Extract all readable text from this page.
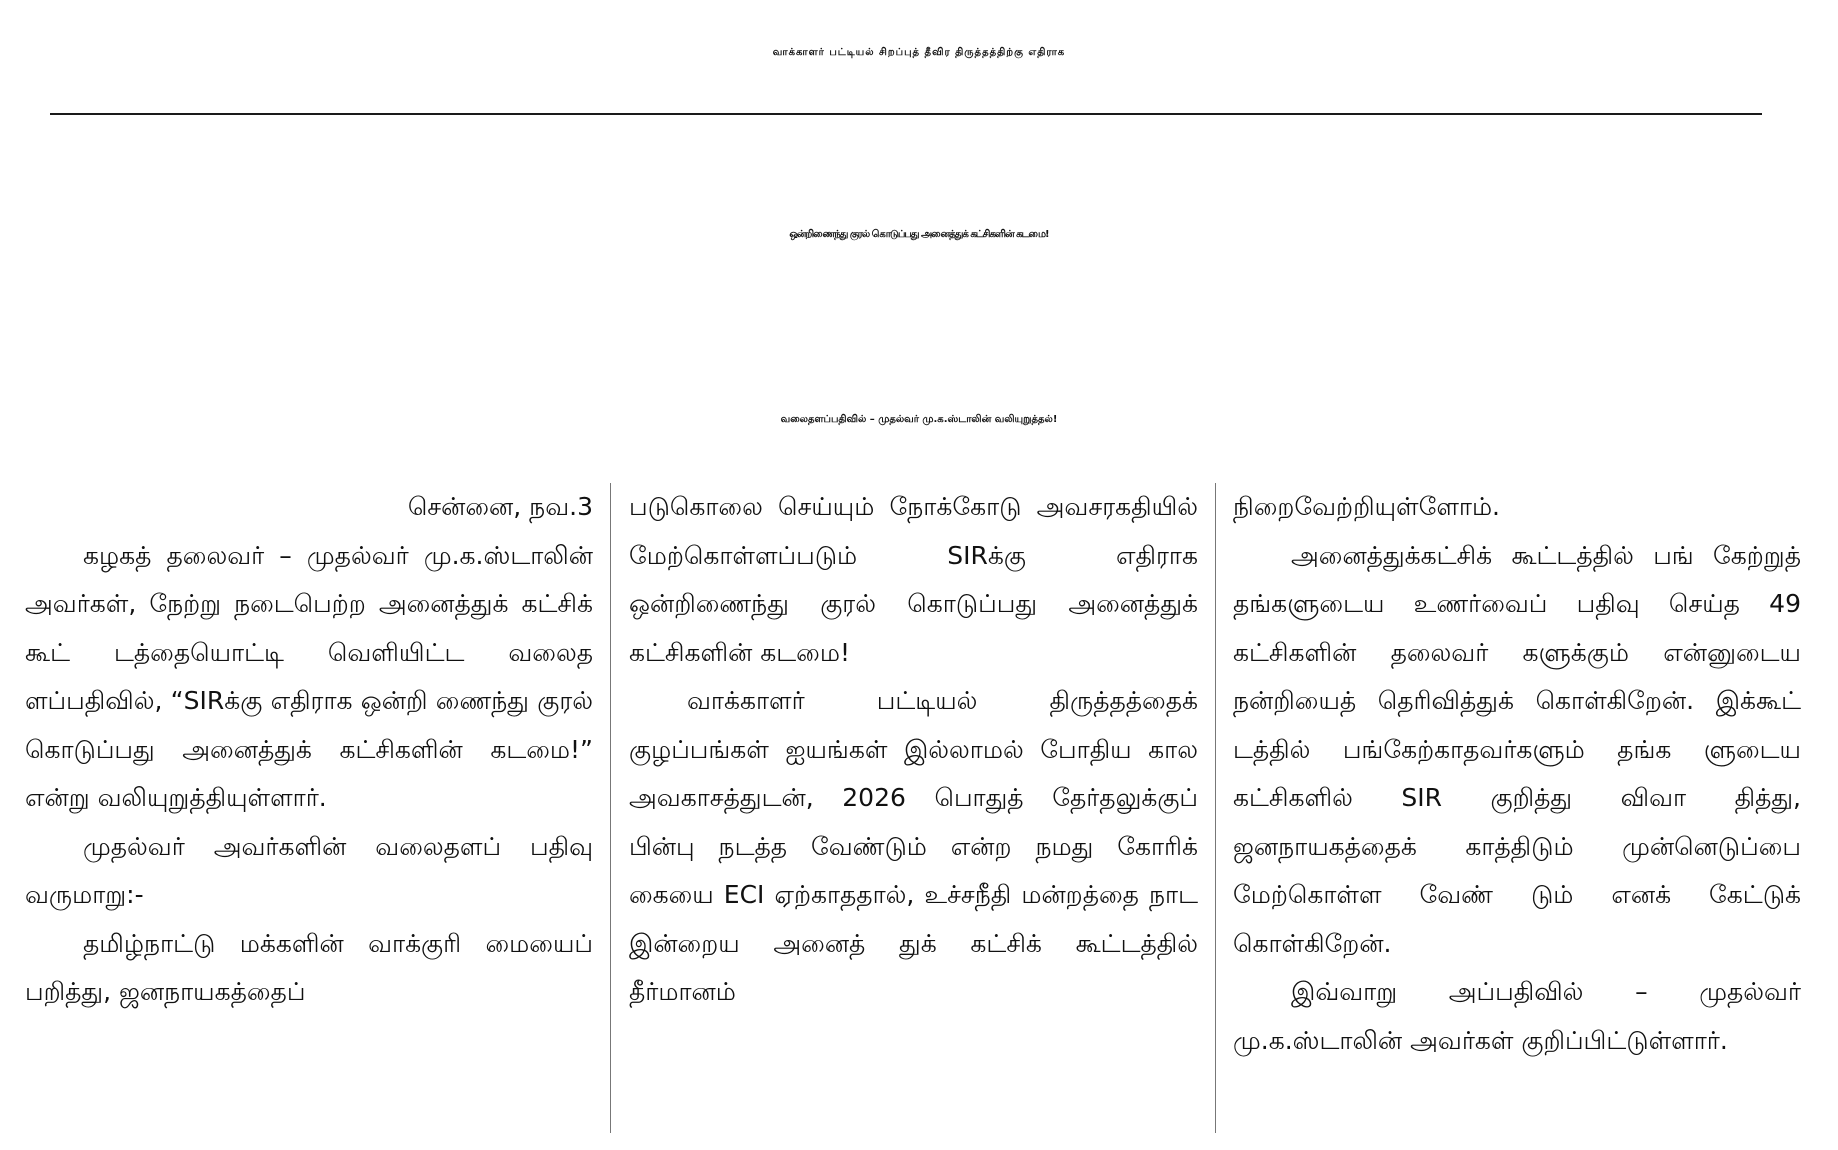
வாக்காளர் பட்டியல் சிறப்புத் தீவிர திருத்தத்திற்கு எதிராக
ஒன்றிணைந்து குரல் கொடுப்பது அனைத்துக் கட்சிகளின் கடமை!
வலைதளப்பதிவில் – முதல்வர் மு.க.ஸ்டாலின் வலியுறுத்தல்!

சென்னை, நவ.3

கழகத் தலைவர் – முதல்வர் மு.க.ஸ்டாலின் அவர்கள், நேற்று நடைபெற்ற அனைத்துக் கட்சிக் கூட் டத்தையொட்டி வெளியிட்ட வலைத ளப்பதிவில், “SIRக்கு எதிராக ஒன்றி ணைந்து குரல் கொடுப்பது அனைத்துக் கட்சிகளின் கடமை!” என்று வலியுறுத்தியுள்ளார்.

முதல்வர் அவர்களின் வலைதளப் பதிவு வருமாறு:-

தமிழ்நாட்டு மக்களின் வாக்குரி மையைப் பறித்து, ஜனநாயகத்தைப்

படுகொலை செய்யும் நோக்கோடு அவசரகதியில் மேற்கொள்ளப்படும் SIRக்கு எதிராக ஒன்றிணைந்து குரல் கொடுப்பது அனைத்துக் கட்சிகளின் கடமை!

வாக்காளர் பட்டியல் திருத்தத்தைக் குழப்பங்கள் ஐயங்கள் இல்லாமல் போதிய கால அவகாசத்துடன், 2026 பொதுத் தேர்தலுக்குப் பின்பு நடத்த வேண்டும் என்ற நமது கோரிக் கையை ECI ஏற்காததால், உச்சநீதி மன்றத்தை நாட இன்றைய அனைத் துக் கட்சிக் கூட்டத்தில் தீர்மானம்

நிறைவேற்றியுள்ளோம்.

அனைத்துக்கட்சிக் கூட்டத்தில் பங் கேற்றுத் தங்களுடைய உணர்வைப் பதிவு செய்த 49 கட்சிகளின் தலைவர் களுக்கும் என்னுடைய நன்றியைத் தெரிவித்துக் கொள்கிறேன். இக்கூட் டத்தில் பங்கேற்காதவர்களும் தங்க ளுடைய கட்சிகளில் SIR குறித்து விவா தித்து, ஜனநாயகத்தைக் காத்திடும் முன்னெடுப்பை மேற்கொள்ள வேண் டும் எனக் கேட்டுக் கொள்கிறேன்.

இவ்வாறு அப்பதிவில் – முதல்வர் மு.க.ஸ்டாலின் அவர்கள் குறிப்பிட்டுள்ளார்.
